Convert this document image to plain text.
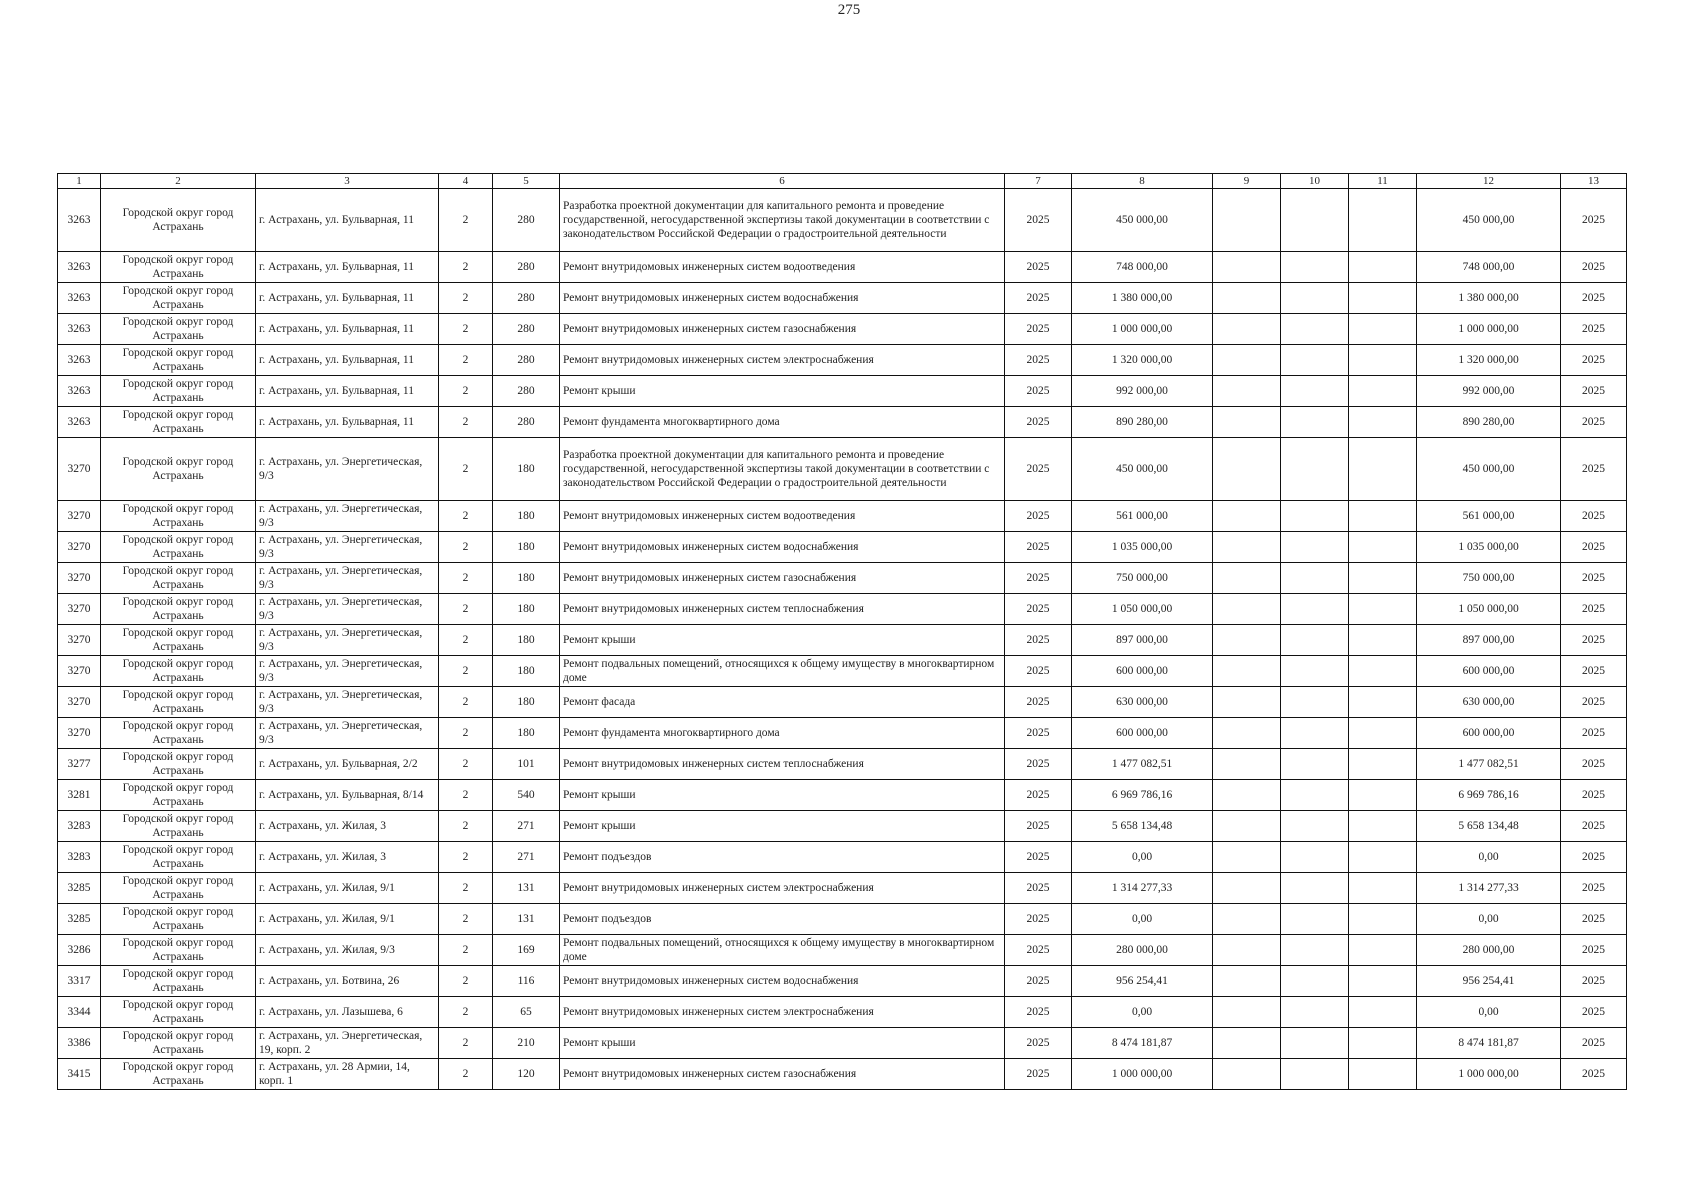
275
1	2	3	4	5	6	7	8	9	10	11	12	13
3263	Городской округ город Астрахань	г. Астрахань, ул. Бульварная, 11	2	280	Разработка проектной документации для капитального ремонта и проведение государственной, негосударственной экспертизы такой документации в соответствии с законодательством Российской Федерации о градостроительной деятельности	2025	450 000,00				450 000,00	2025
3263	Городской округ город Астрахань	г. Астрахань, ул. Бульварная, 11	2	280	Ремонт внутридомовых инженерных систем водоотведения	2025	748 000,00				748 000,00	2025
3263	Городской округ город Астрахань	г. Астрахань, ул. Бульварная, 11	2	280	Ремонт внутридомовых инженерных систем водоснабжения	2025	1 380 000,00				1 380 000,00	2025
3263	Городской округ город Астрахань	г. Астрахань, ул. Бульварная, 11	2	280	Ремонт внутридомовых инженерных систем газоснабжения	2025	1 000 000,00				1 000 000,00	2025
3263	Городской округ город Астрахань	г. Астрахань, ул. Бульварная, 11	2	280	Ремонт внутридомовых инженерных систем электроснабжения	2025	1 320 000,00				1 320 000,00	2025
3263	Городской округ город Астрахань	г. Астрахань, ул. Бульварная, 11	2	280	Ремонт крыши	2025	992 000,00				992 000,00	2025
3263	Городской округ город Астрахань	г. Астрахань, ул. Бульварная, 11	2	280	Ремонт фундамента многоквартирного дома	2025	890 280,00				890 280,00	2025
3270	Городской округ город Астрахань	г. Астрахань, ул. Энергетическая, 9/3	2	180	Разработка проектной документации для капитального ремонта и проведение государственной, негосударственной экспертизы такой документации в соответствии с законодательством Российской Федерации о градостроительной деятельности	2025	450 000,00				450 000,00	2025
3270	Городской округ город Астрахань	г. Астрахань, ул. Энергетическая, 9/3	2	180	Ремонт внутридомовых инженерных систем водоотведения	2025	561 000,00				561 000,00	2025
3270	Городской округ город Астрахань	г. Астрахань, ул. Энергетическая, 9/3	2	180	Ремонт внутридомовых инженерных систем водоснабжения	2025	1 035 000,00				1 035 000,00	2025
3270	Городской округ город Астрахань	г. Астрахань, ул. Энергетическая, 9/3	2	180	Ремонт внутридомовых инженерных систем газоснабжения	2025	750 000,00				750 000,00	2025
3270	Городской округ город Астрахань	г. Астрахань, ул. Энергетическая, 9/3	2	180	Ремонт внутридомовых инженерных систем теплоснабжения	2025	1 050 000,00				1 050 000,00	2025
3270	Городской округ город Астрахань	г. Астрахань, ул. Энергетическая, 9/3	2	180	Ремонт крыши	2025	897 000,00				897 000,00	2025
3270	Городской округ город Астрахань	г. Астрахань, ул. Энергетическая, 9/3	2	180	Ремонт подвальных помещений, относящихся к общему имуществу в многоквартирном доме	2025	600 000,00				600 000,00	2025
3270	Городской округ город Астрахань	г. Астрахань, ул. Энергетическая, 9/3	2	180	Ремонт фасада	2025	630 000,00				630 000,00	2025
3270	Городской округ город Астрахань	г. Астрахань, ул. Энергетическая, 9/3	2	180	Ремонт фундамента многоквартирного дома	2025	600 000,00				600 000,00	2025
3277	Городской округ город Астрахань	г. Астрахань, ул. Бульварная, 2/2	2	101	Ремонт внутридомовых инженерных систем теплоснабжения	2025	1 477 082,51				1 477 082,51	2025
3281	Городской округ город Астрахань	г. Астрахань, ул. Бульварная, 8/14	2	540	Ремонт крыши	2025	6 969 786,16				6 969 786,16	2025
3283	Городской округ город Астрахань	г. Астрахань, ул. Жилая, 3	2	271	Ремонт крыши	2025	5 658 134,48				5 658 134,48	2025
3283	Городской округ город Астрахань	г. Астрахань, ул. Жилая, 3	2	271	Ремонт подъездов	2025	0,00				0,00	2025
3285	Городской округ город Астрахань	г. Астрахань, ул. Жилая, 9/1	2	131	Ремонт внутридомовых инженерных систем электроснабжения	2025	1 314 277,33				1 314 277,33	2025
3285	Городской округ город Астрахань	г. Астрахань, ул. Жилая, 9/1	2	131	Ремонт подъездов	2025	0,00				0,00	2025
3286	Городской округ город Астрахань	г. Астрахань, ул. Жилая, 9/3	2	169	Ремонт подвальных помещений, относящихся к общему имуществу в многоквартирном доме	2025	280 000,00				280 000,00	2025
3317	Городской округ город Астрахань	г. Астрахань, ул. Ботвина, 26	2	116	Ремонт внутридомовых инженерных систем водоснабжения	2025	956 254,41				956 254,41	2025
3344	Городской округ город Астрахань	г. Астрахань, ул. Лазышева, 6	2	65	Ремонт внутридомовых инженерных систем электроснабжения	2025	0,00				0,00	2025
3386	Городской округ город Астрахань	г. Астрахань, ул. Энергетическая, 19, корп. 2	2	210	Ремонт крыши	2025	8 474 181,87				8 474 181,87	2025
3415	Городской округ город Астрахань	г. Астрахань, ул. 28 Армии, 14, корп. 1	2	120	Ремонт внутридомовых инженерных систем газоснабжения	2025	1 000 000,00				1 000 000,00	2025
